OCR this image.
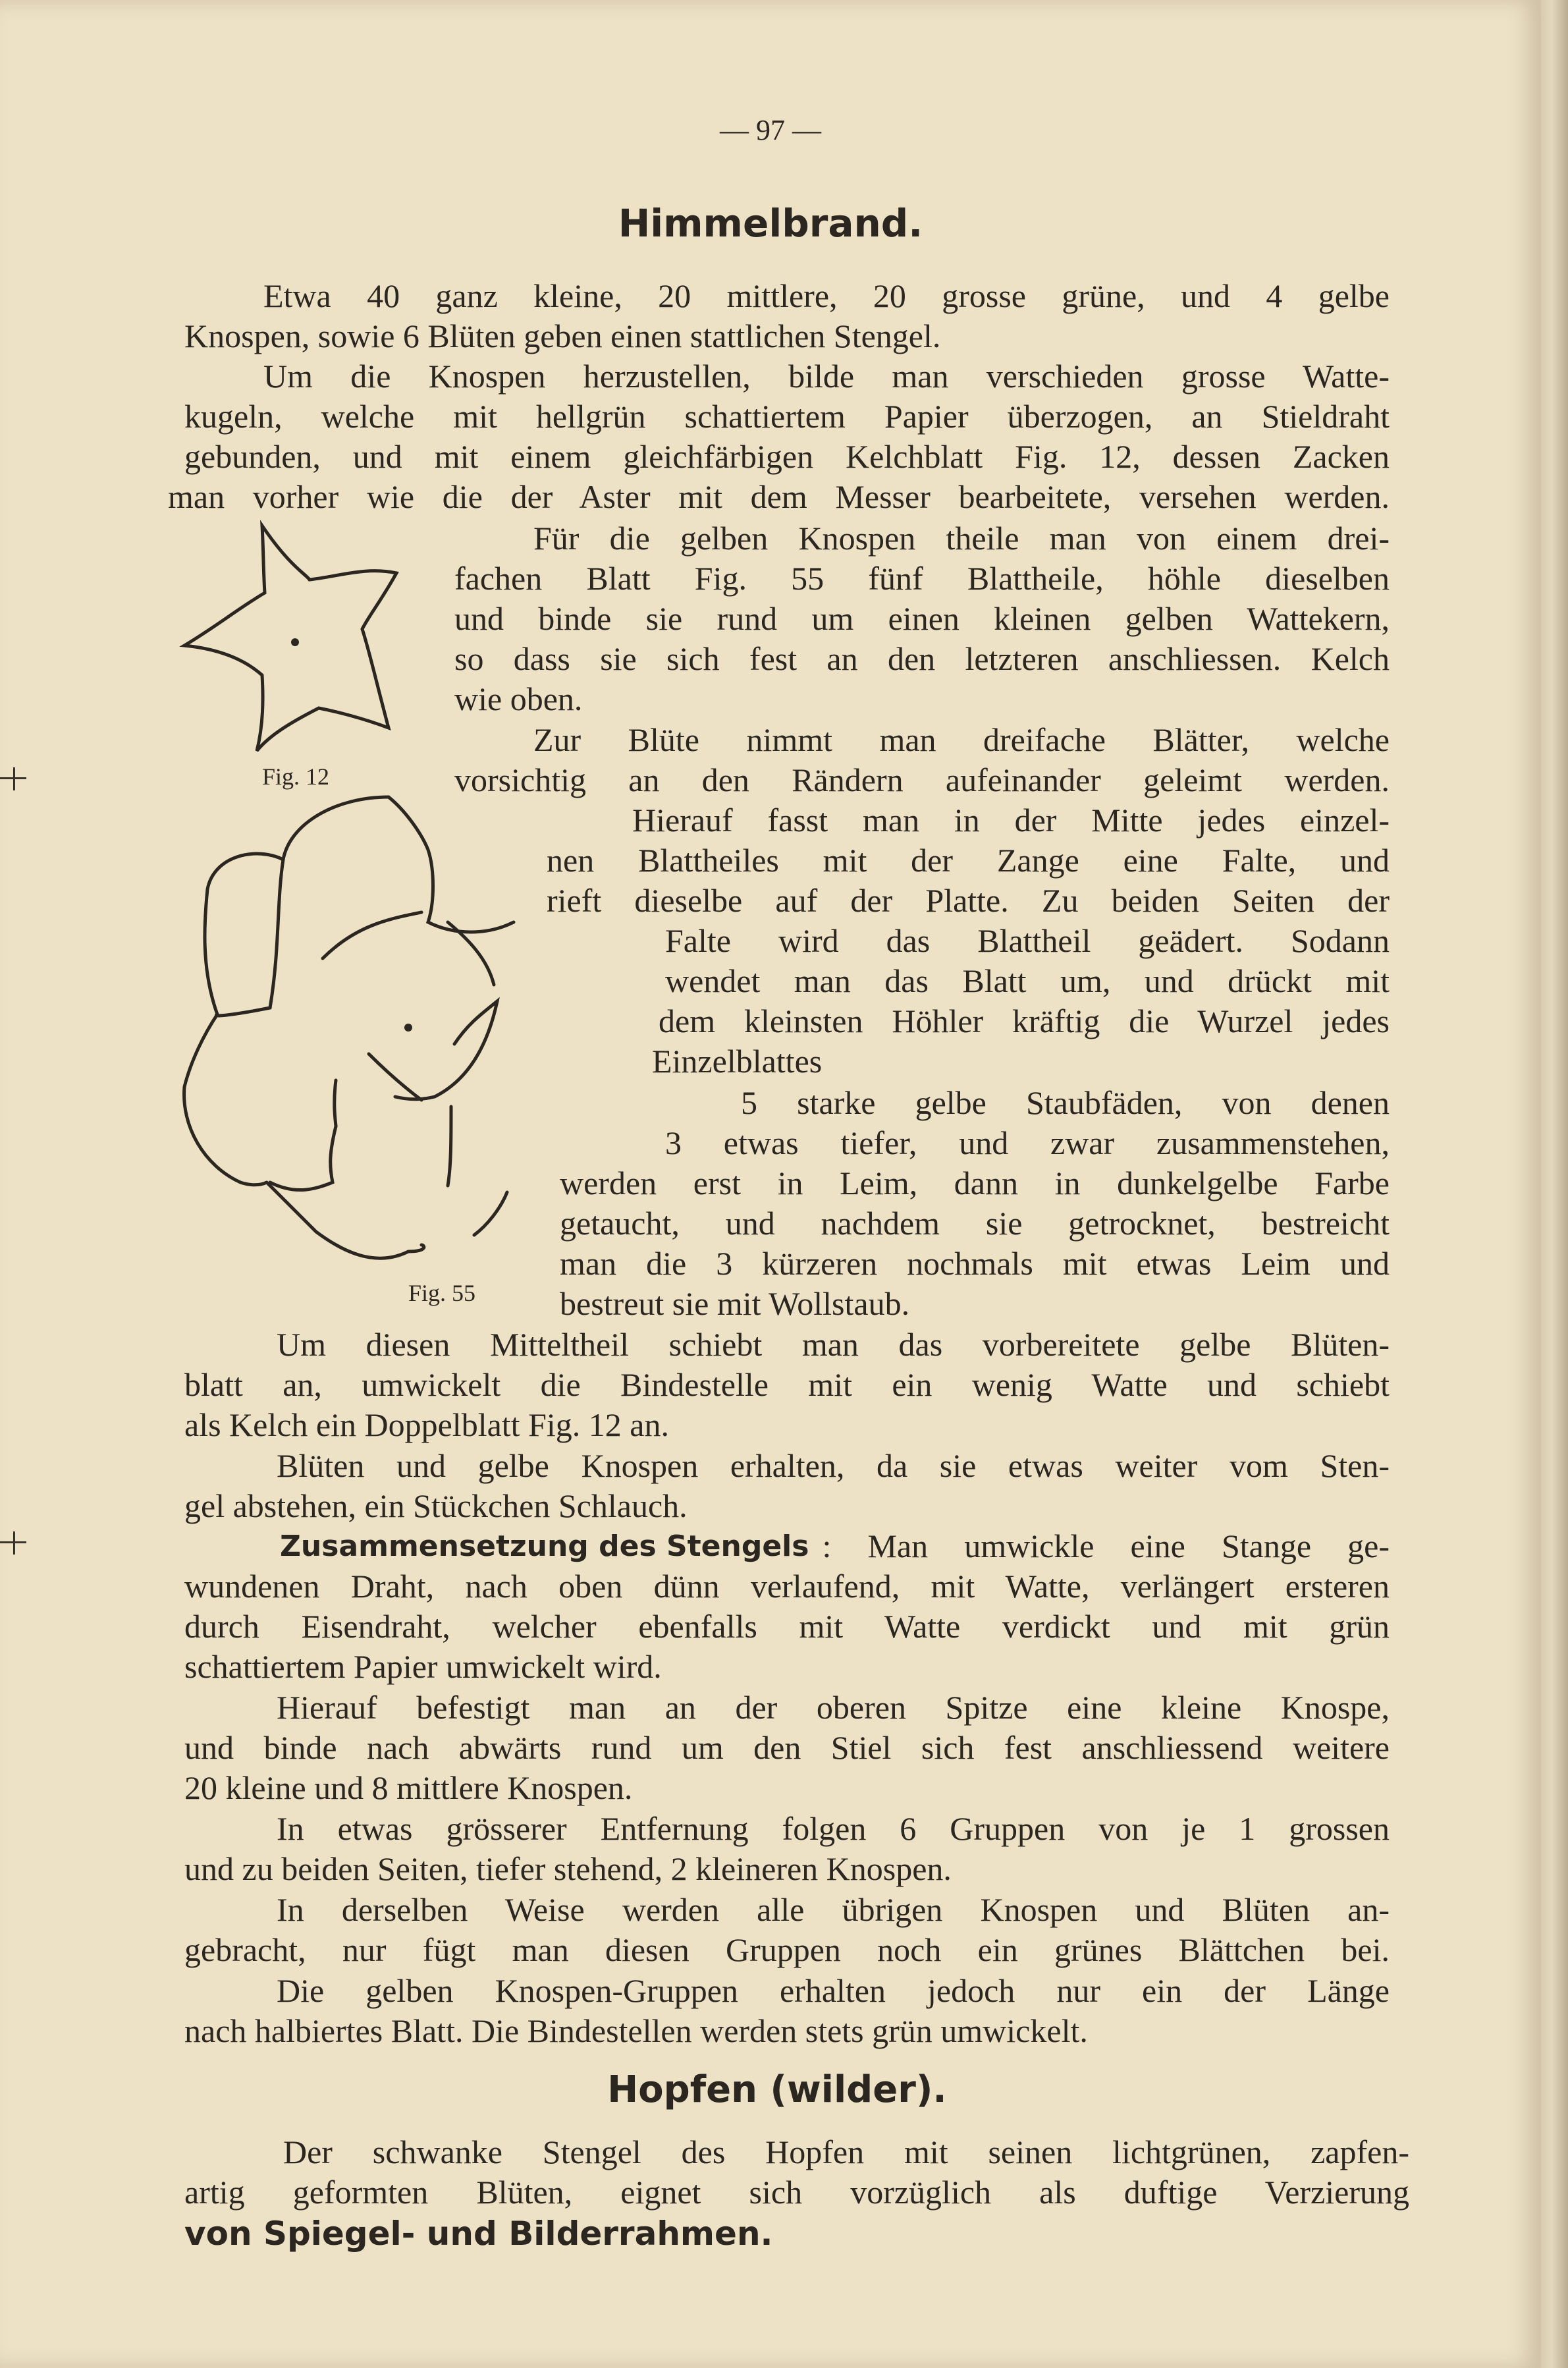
— 97 —
Himmelbrand.
Etwa 40 ganz kleine, 20 mittlere, 20 grosse grüne, und 4 gelbe
Knospen, sowie 6 Blüten geben einen stattlichen Stengel.
Um die Knospen herzustellen, bilde man verschieden grosse Watte-
kugeln, welche mit hellgrün schattiertem Papier überzogen, an Stieldraht
gebunden, und mit einem gleichfärbigen Kelchblatt Fig. 12, dessen Zacken
man vorher wie die der Aster mit dem Messer bearbeitete, versehen werden.
Für die gelben Knospen theile man von einem drei-
fachen Blatt Fig. 55 fünf Blattheile, höhle dieselben
und binde sie rund um einen kleinen gelben Wattekern,
so dass sie sich fest an den letzteren anschliessen. Kelch
wie oben.
Zur Blüte nimmt man dreifache Blätter, welche
vorsichtig an den Rändern aufeinander geleimt werden.
Hierauf fasst man in der Mitte jedes einzel-
nen Blattheiles mit der Zange eine Falte, und
rieft dieselbe auf der Platte. Zu beiden Seiten der
Falte wird das Blattheil geädert. Sodann
wendet man das Blatt um, und drückt mit
dem kleinsten Höhler kräftig die Wurzel jedes
Einzelblattes
5 starke gelbe Staubfäden, von denen
3 etwas tiefer, und zwar zusammenstehen,
werden erst in Leim, dann in dunkelgelbe Farbe
getaucht, und nachdem sie getrocknet, bestreicht
man die 3 kürzeren nochmals mit etwas Leim und
bestreut sie mit Wollstaub.
Um diesen Mitteltheil schiebt man das vorbereitete gelbe Blüten-
blatt an, umwickelt die Bindestelle mit ein wenig Watte und schiebt
als Kelch ein Doppelblatt Fig. 12 an.
Blüten und gelbe Knospen erhalten, da sie etwas weiter vom Sten-
gel abstehen, ein Stückchen Schlauch.
Zusammensetzung des Stengels : Man umwickle eine Stange ge-
wundenen Draht, nach oben dünn verlaufend, mit Watte, verlängert ersteren
durch Eisendraht, welcher ebenfalls mit Watte verdickt und mit grün
schattiertem Papier umwickelt wird.
Hierauf befestigt man an der oberen Spitze eine kleine Knospe,
und binde nach abwärts rund um den Stiel sich fest anschliessend weitere
20 kleine und 8 mittlere Knospen.
In etwas grösserer Entfernung folgen 6 Gruppen von je 1 grossen
und zu beiden Seiten, tiefer stehend, 2 kleineren Knospen.
In derselben Weise werden alle übrigen Knospen und Blüten an-
gebracht, nur fügt man diesen Gruppen noch ein grünes Blättchen bei.
Die gelben Knospen-Gruppen erhalten jedoch nur ein der Länge
nach halbiertes Blatt. Die Bindestellen werden stets grün umwickelt.
Hopfen (wilder).
Der schwanke Stengel des Hopfen mit seinen lichtgrünen, zapfen-
artig geformten Blüten, eignet sich vorzüglich als duftige Verzierung
von Spiegel- und Bilderrahmen.
Fig. 12
Fig. 55
